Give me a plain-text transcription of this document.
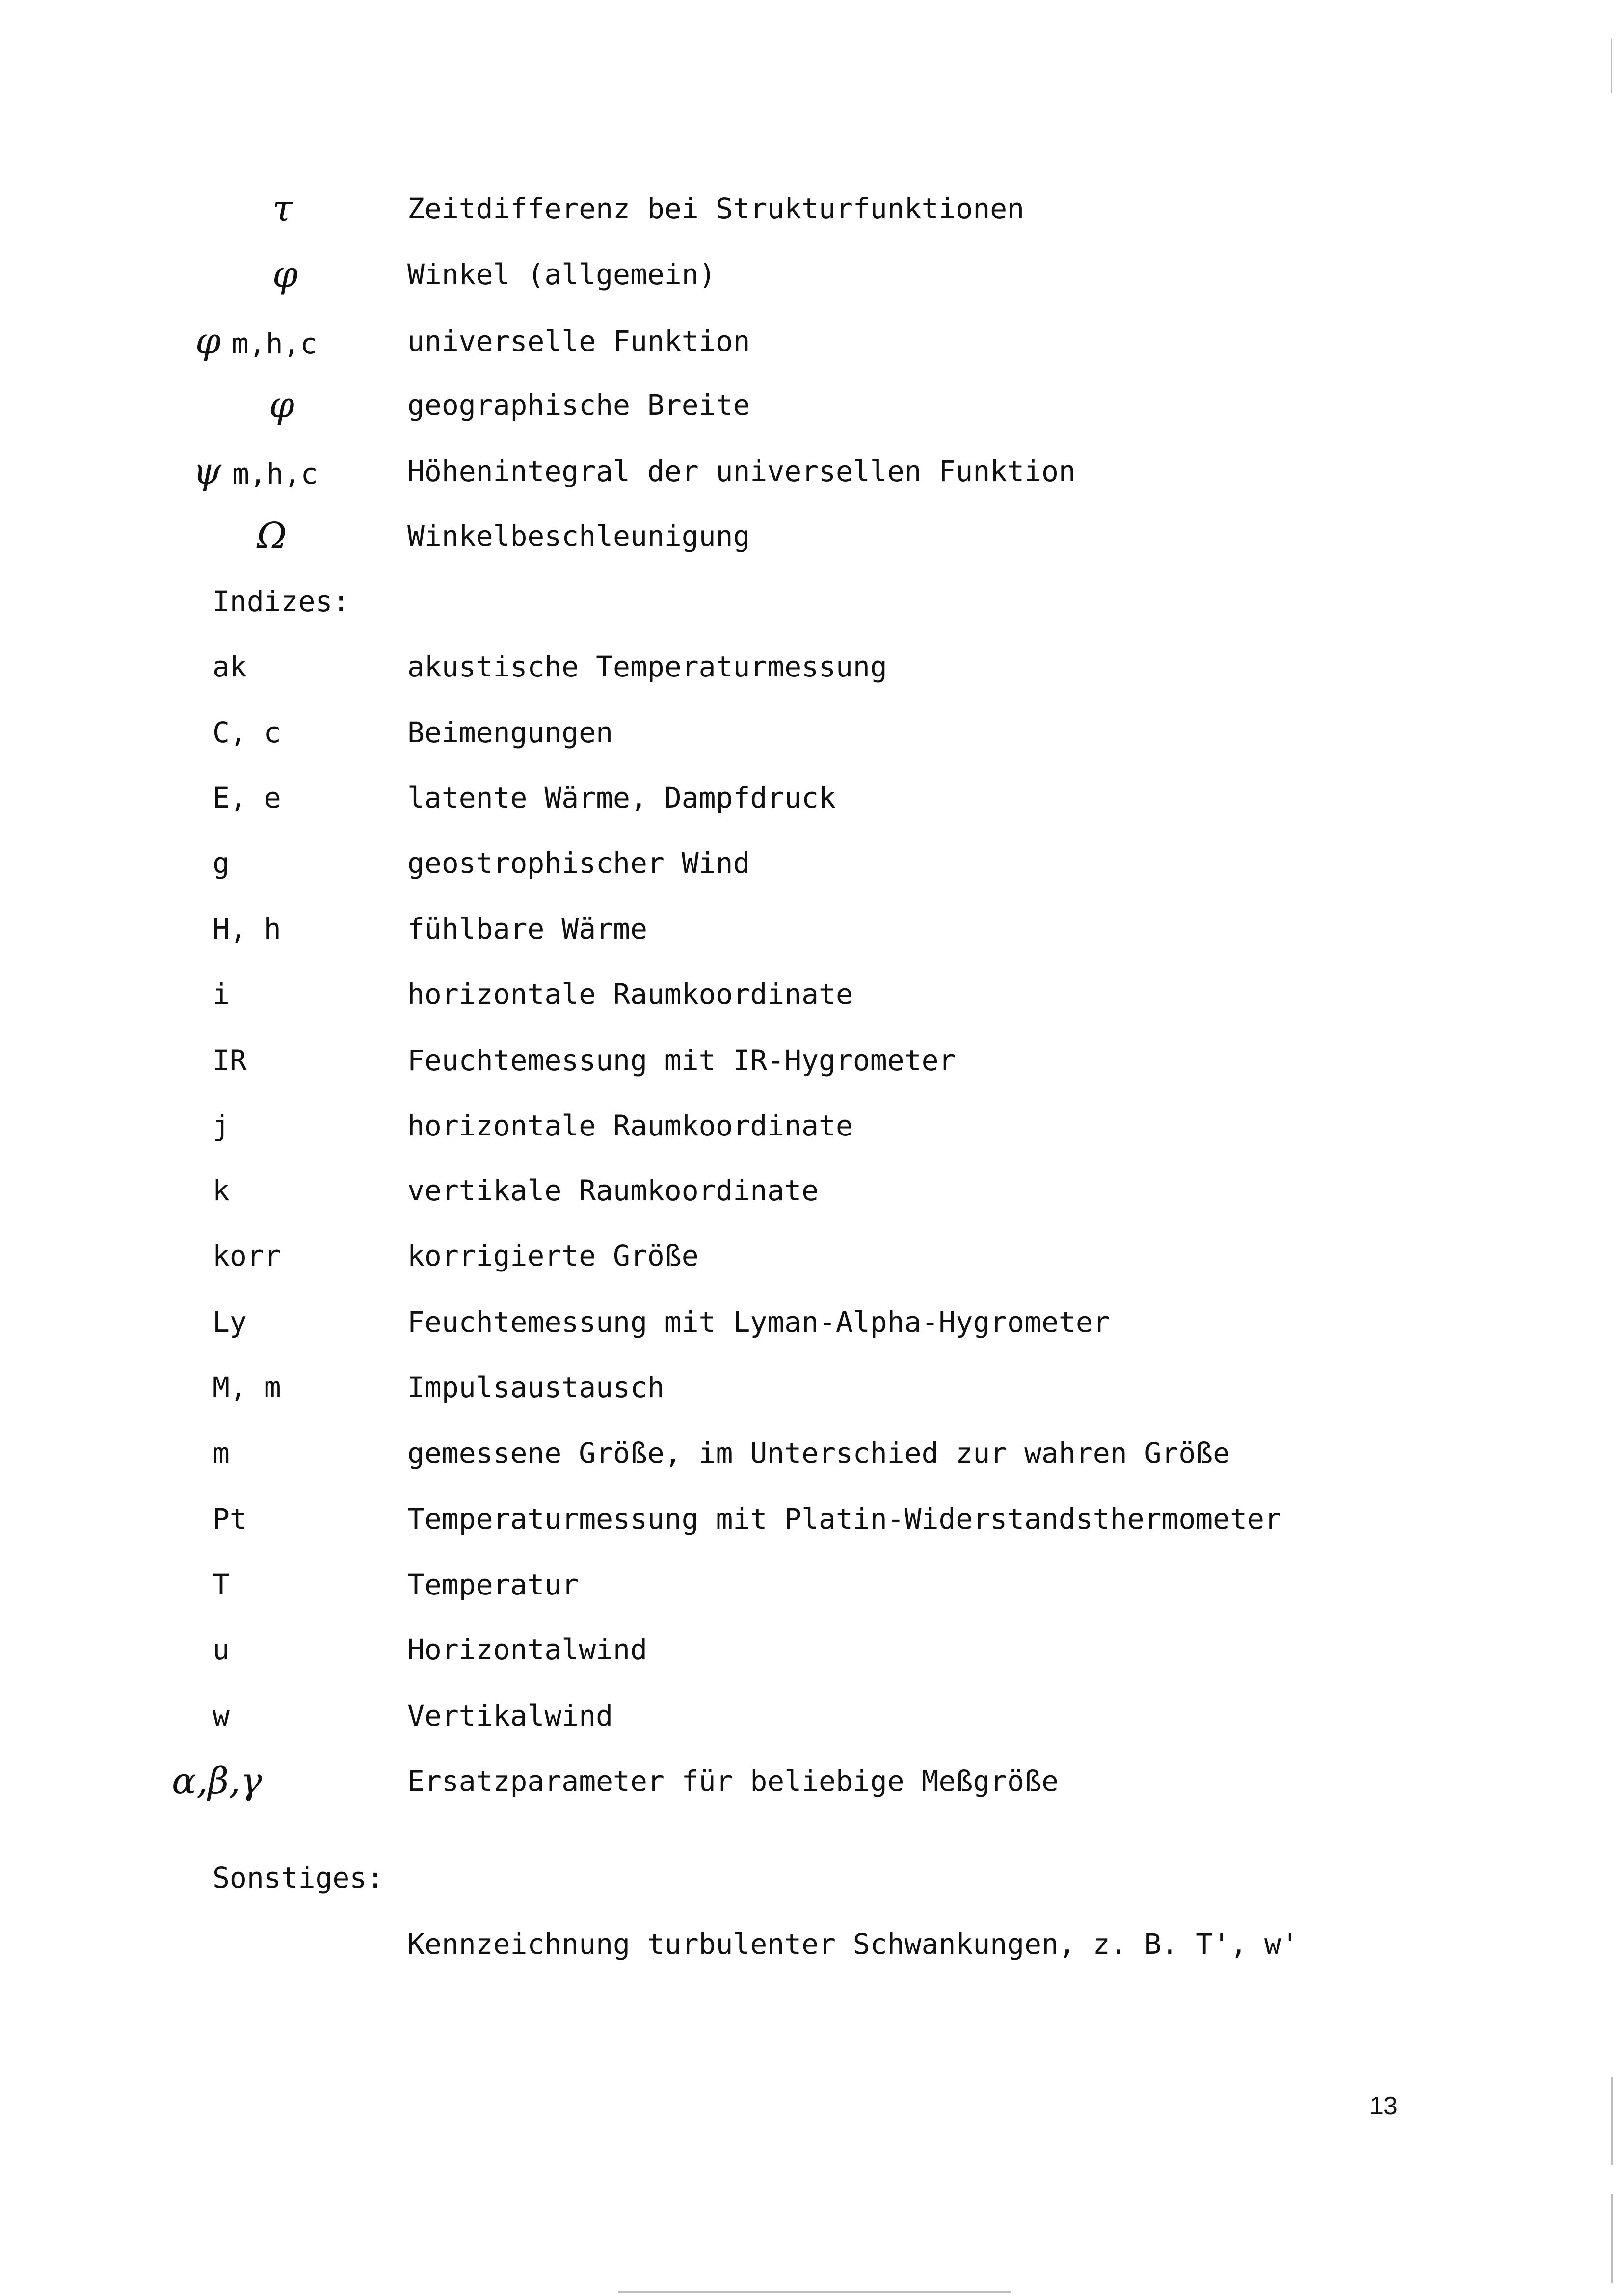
τ	Zeitdifferenz bei Strukturfunktionen
φ	Winkel (allgemein)
φ m,h,c	universelle Funktion
φ	geographische Breite
ψ m,h,c	Höhenintegral der universellen Funktion
Ω	Winkelbeschleunigung
Indizes:
ak	akustische Temperaturmessung
C, c	Beimengungen
E, e	latente Wärme, Dampfdruck
g	geostrophischer Wind
H, h	fühlbare Wärme
i	horizontale Raumkoordinate
IR	Feuchtemessung mit IR-Hygrometer
j	horizontale Raumkoordinate
k	vertikale Raumkoordinate
korr	korrigierte Größe
Ly	Feuchtemessung mit Lyman-Alpha-Hygrometer
M, m	Impulsaustausch
m	gemessene Größe, im Unterschied zur wahren Größe
Pt	Temperaturmessung mit Platin-Widerstandsthermometer
T	Temperatur
u	Horizontalwind
w	Vertikalwind
α,β,γ	Ersatzparameter für beliebige Meßgröße
Sonstiges:
Kennzeichnung turbulenter Schwankungen, z. B. T', w'
13
